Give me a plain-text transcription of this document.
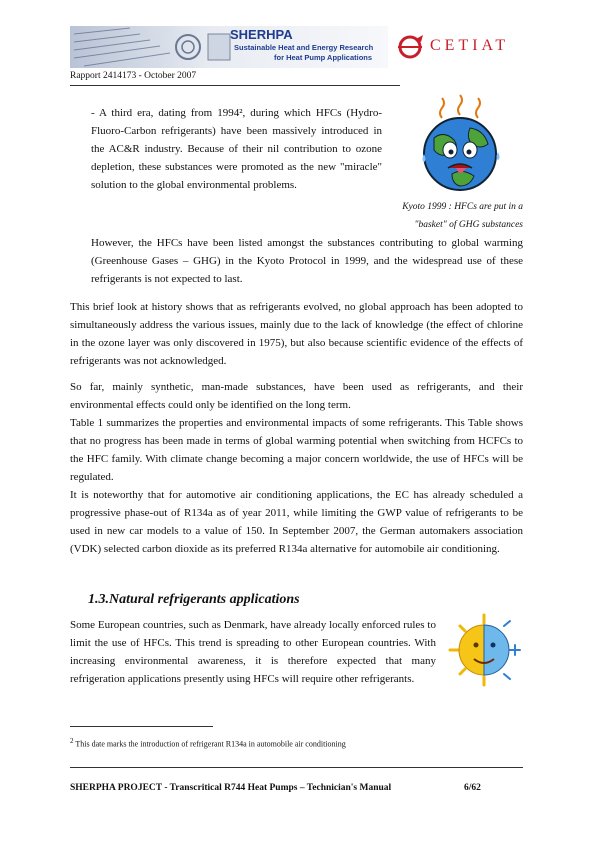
SHERHPA
Sustainable Heat and Energy Research
for Heat Pump Applications
CETIAT
Rapport 2414173 - October 2007
- A third era, dating from 1994², during which HFCs (Hydro-Fluoro-Carbon refrigerants) have been massively introduced in the AC&R industry. Because of their nil contribution to ozone depletion, these substances were promoted as the new "miracle" solution to the global environmental problems.
Kyoto 1999 : HFCs are put in a "basket" of GHG substances
However, the HFCs have been listed amongst the substances contributing to global warming (Greenhouse Gases – GHG) in the Kyoto Protocol in 1999, and the widespread use of these refrigerants is not expected to last.
This brief look at history shows that as refrigerants evolved, no global approach has been adopted to simultaneously address the various issues, mainly due to the lack of knowledge (the effect of chlorine in the ozone layer was only discovered in 1975), but also because scientific evidence of the effects of refrigerants was not acknowledged.
So far, mainly synthetic, man-made substances, have been used as refrigerants, and their environmental effects could only be identified on the long term.
Table 1 summarizes the properties and environmental impacts of some refrigerants. This Table shows that no progress has been made in terms of global warming potential when switching from HCFCs to the HFC family. With climate change becoming a major concern worldwide, the use of HFCs will be regulated.
It is noteworthy that for automotive air conditioning applications, the EC has already scheduled a progressive phase-out of R134a as of year 2011, while limiting the GWP value of refrigerants to be used in new car models to a value of 150. In September 2007, the German automakers association (VDK) selected carbon dioxide as its preferred R134a alternative for automobile air conditioning.
1.3.Natural refrigerants applications
Some European countries, such as Denmark, have already locally enforced rules to limit the use of HFCs. This trend is spreading to other European countries. With increasing environmental awareness, it is therefore expected that many refrigeration applications presently using HFCs will require other refrigerants.
$^2$ This date marks the introduction of refrigerant R134a in automobile air conditioning
SHERPHA PROJECT - Transcritical R744 Heat Pumps – Technician's Manual	6/62
